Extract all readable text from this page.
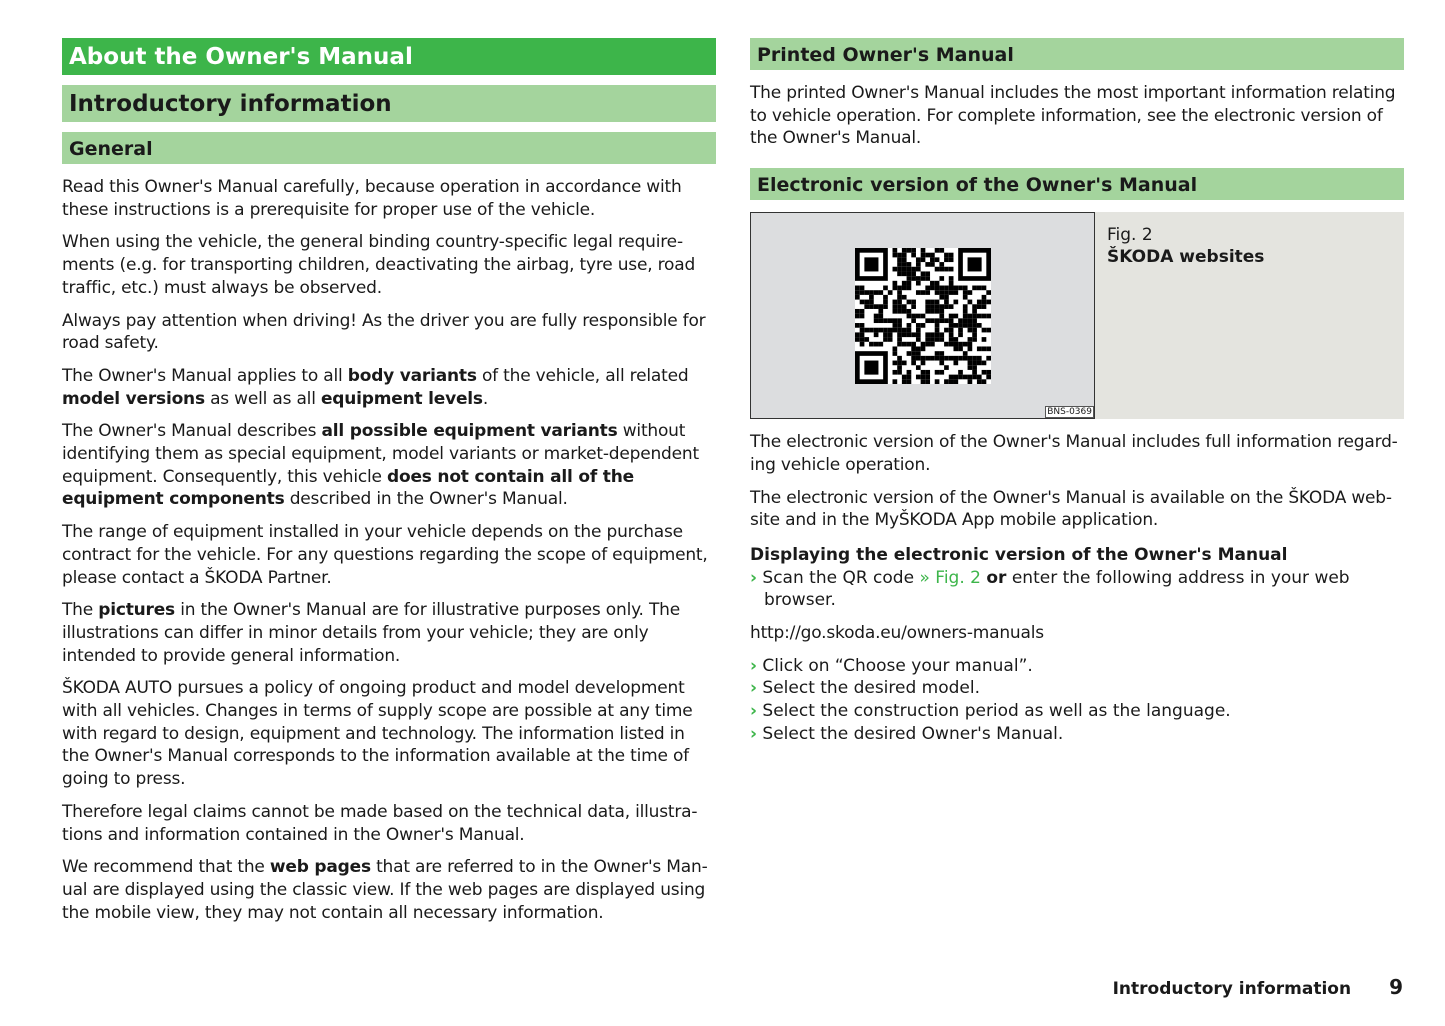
About the Owner's Manual
Introductory information
General

Read this Owner's Manual carefully, because operation in accordance with these instructions is a prerequisite for proper use of the vehicle.

When using the vehicle, the general binding country-specific legal requirements (e.g. for transporting children, deactivating the airbag, tyre use, road traffic, etc.) must always be observed.

Always pay attention when driving! As the driver you are fully responsible for road safety.

The Owner's Manual applies to all body variants of the vehicle, all related model versions as well as all equipment levels.

The Owner's Manual describes all possible equipment variants without identifying them as special equipment, model variants or market-dependent equipment. Consequently, this vehicle does not contain all of the equipment components described in the Owner's Manual.

The range of equipment installed in your vehicle depends on the purchase contract for the vehicle. For any questions regarding the scope of equipment, please contact a ŠKODA Partner.

The pictures in the Owner's Manual are for illustrative purposes only. The illustrations can differ in minor details from your vehicle; they are only intended to provide general information.

ŠKODA AUTO pursues a policy of ongoing product and model development with all vehicles. Changes in terms of supply scope are possible at any time with regard to design, equipment and technology. The information listed in the Owner's Manual corresponds to the information available at the time of going to press.

Therefore legal claims cannot be made based on the technical data, illustrations and information contained in the Owner's Manual.

We recommend that the web pages that are referred to in the Owner's Manual are displayed using the classic view. If the web pages are displayed using the mobile view, they may not contain all necessary information.

Printed Owner's Manual

The printed Owner's Manual includes the most important information relating to vehicle operation. For complete information, see the electronic version of the Owner's Manual.

Electronic version of the Owner's Manual
BNS-0369
Fig. 2
ŠKODA websites

The electronic version of the Owner's Manual includes full information regarding vehicle operation.

The electronic version of the Owner's Manual is available on the ŠKODA website and in the MyŠKODA App mobile application.

Displaying the electronic version of the Owner's Manual
› Scan the QR code » Fig. 2 or enter the following address in your web browser.

http://go.skoda.eu/owners-manuals

› Click on “Choose your manual”.
› Select the desired model.
› Select the construction period as well as the language.
› Select the desired Owner's Manual.
Introductory information 9
